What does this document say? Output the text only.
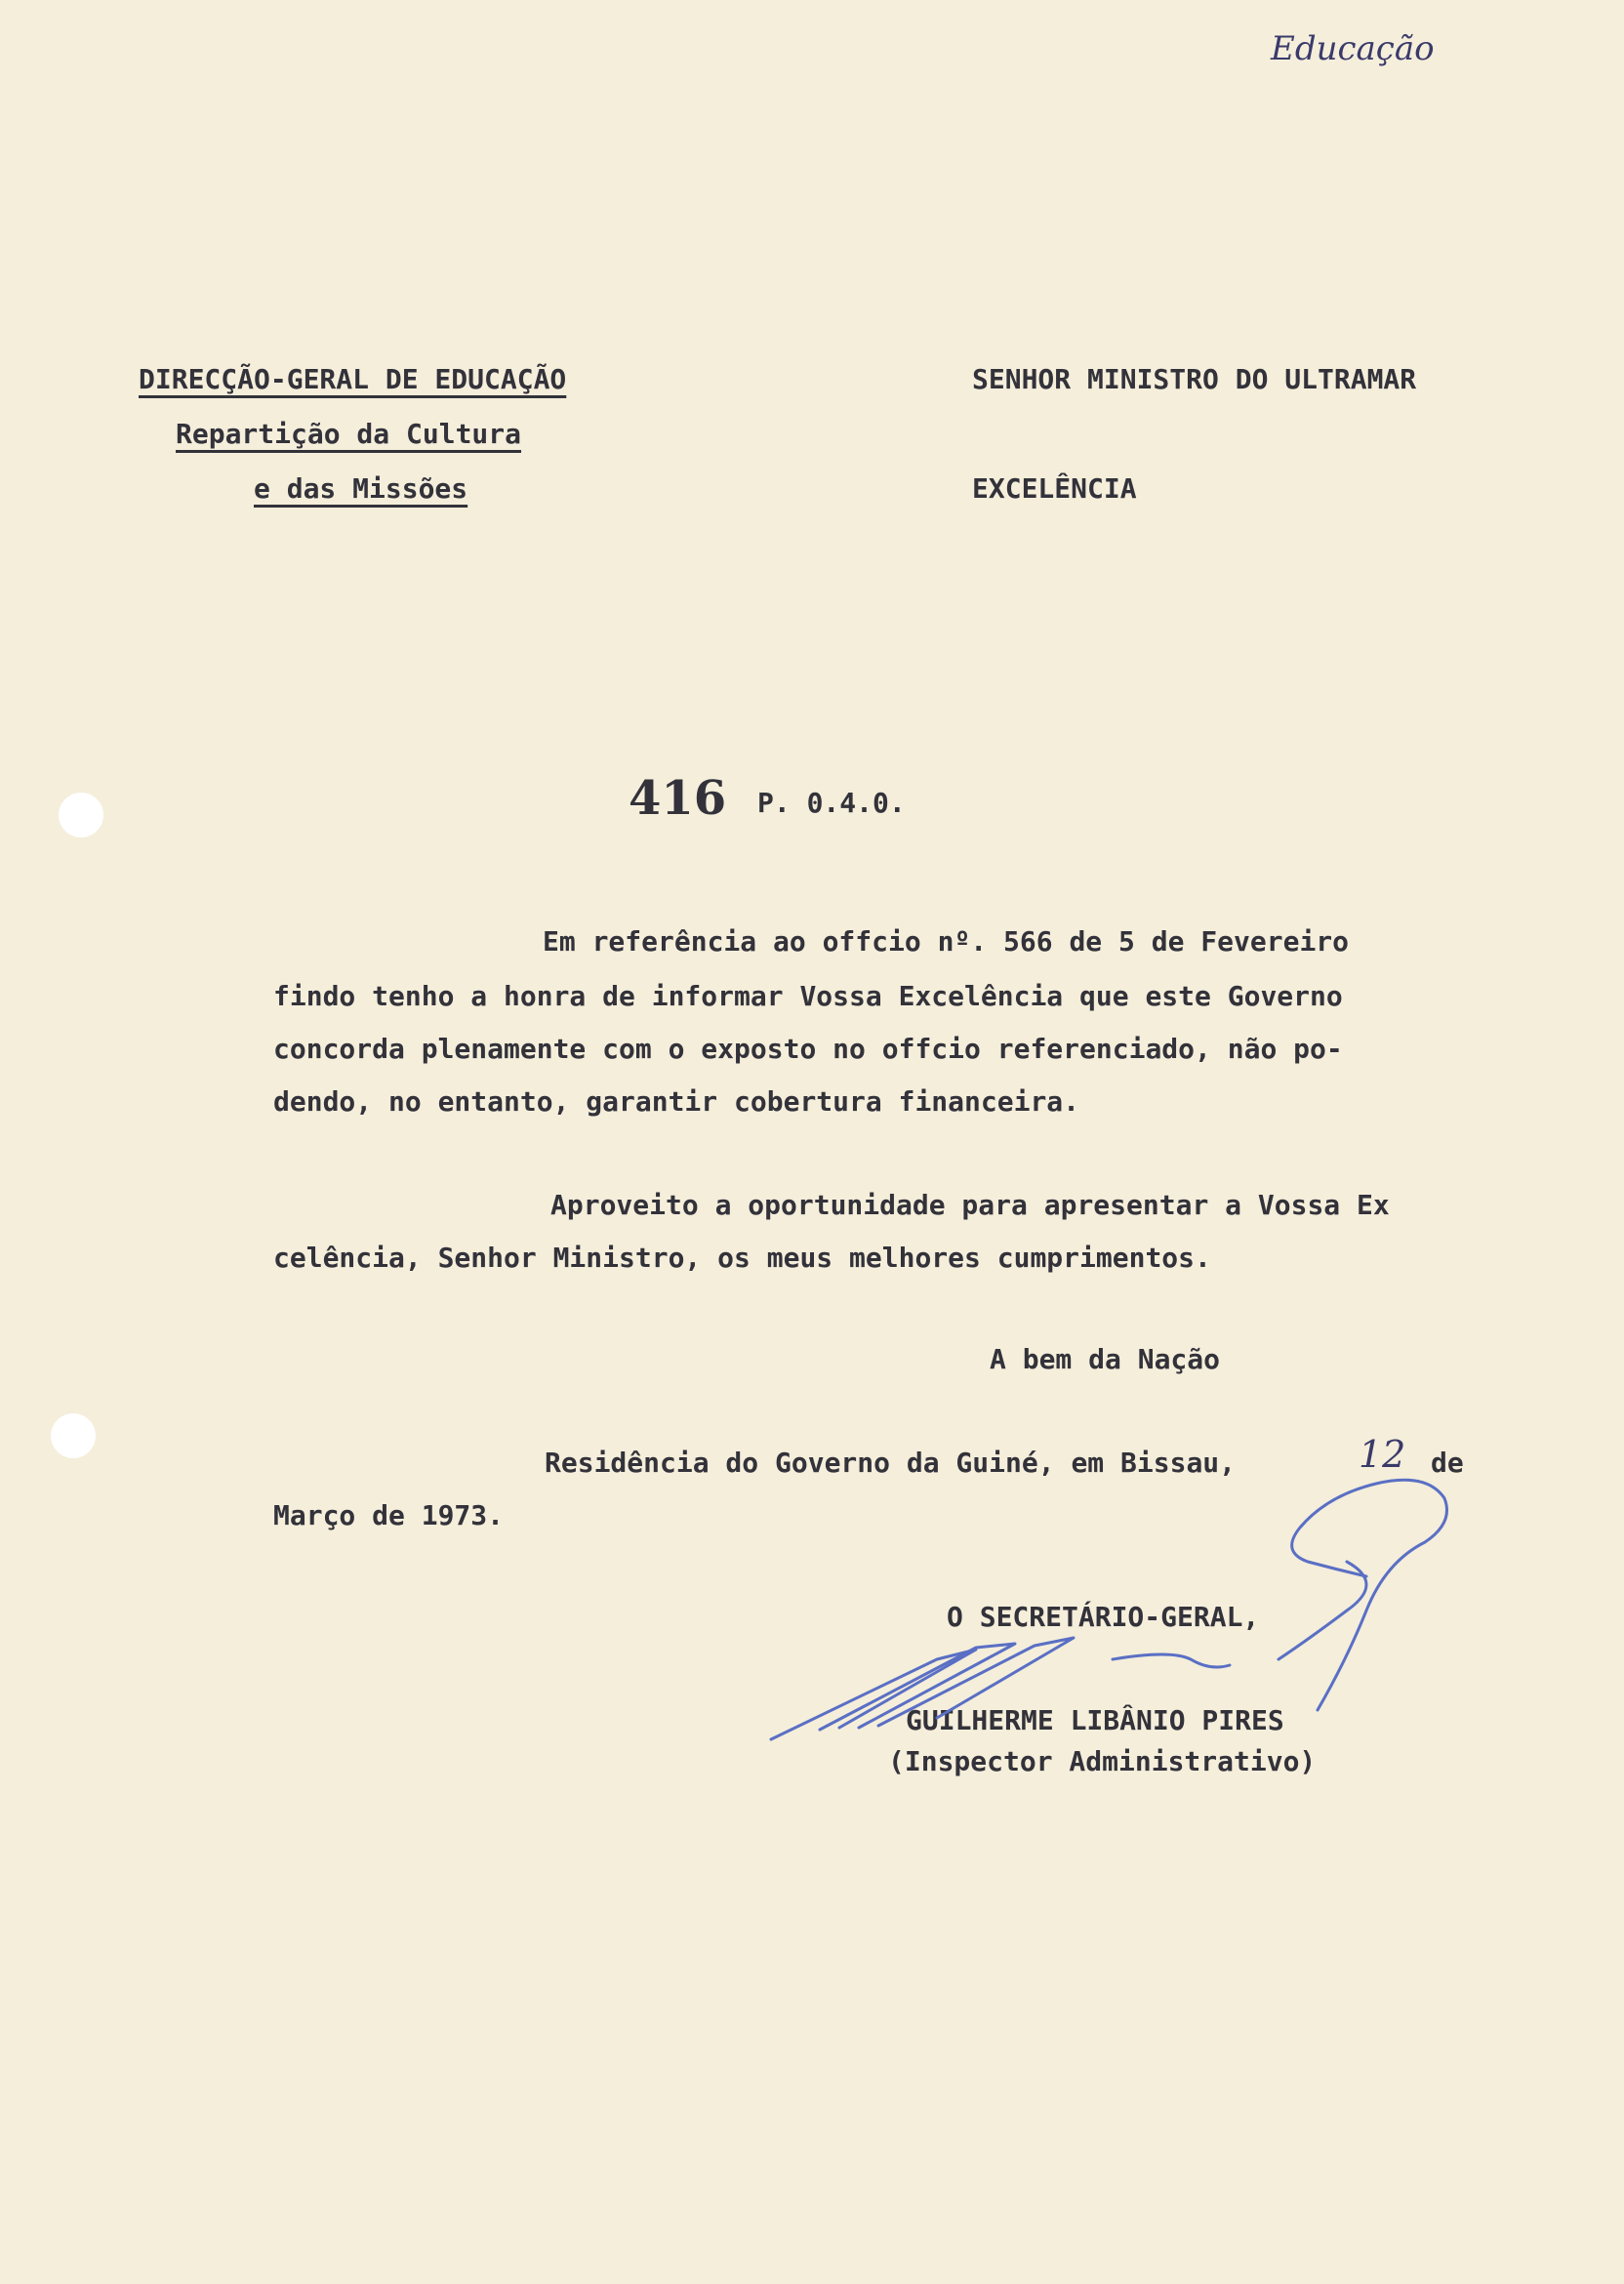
Educação

DIRECÇÃO-GERAL DE EDUCAÇÃO

Repartição da Cultura

e das Missões

SENHOR MINISTRO DO ULTRAMAR

EXCELÊNCIA

416 P. 0.4.0.

Em referência ao offcio nº. 566 de 5 de Fevereiro

findo tenho a honra de informar Vossa Excelência que este Governo

concorda plenamente com o exposto no offcio referenciado, não po-

dendo, no entanto, garantir cobertura financeira.

Aproveito a oportunidade para apresentar a Vossa Ex

celência, Senhor Ministro, os meus melhores cumprimentos.

A bem da Nação

Residência do Governo da Guiné, em Bissau,	12 de

Março de 1973.

O SECRETÁRIO-GERAL,

GUILHERME LIBÂNIO PIRES

(Inspector Administrativo)
